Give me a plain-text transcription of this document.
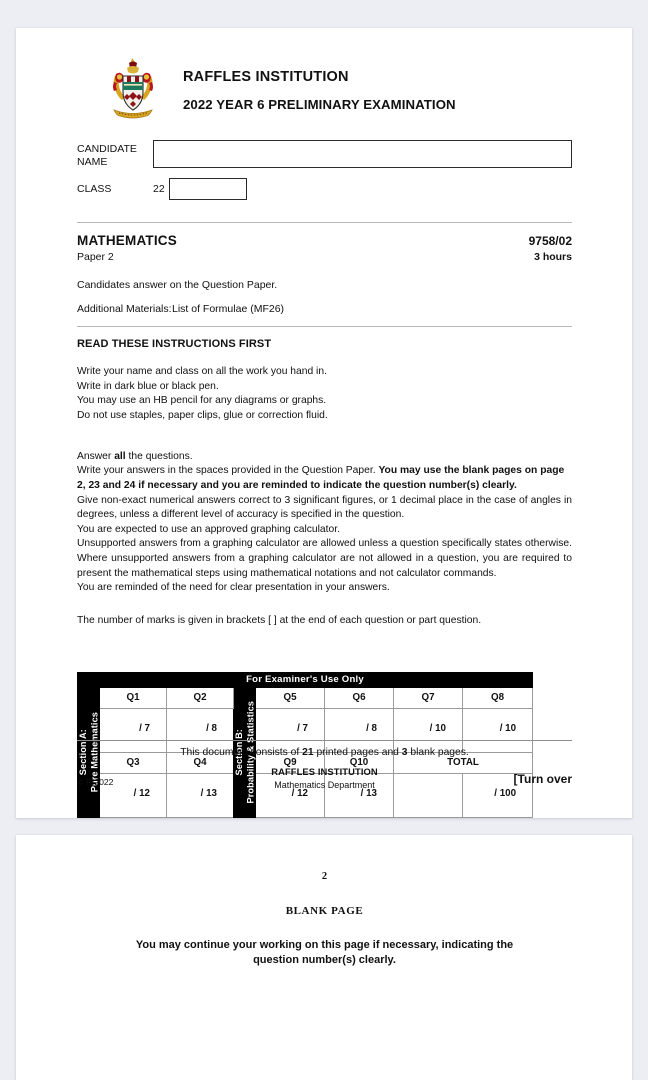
RAFFLES INSTITUTION
2022 YEAR 6 PRELIMINARY EXAMINATION
CANDIDATE
NAME
CLASS	22
MATHEMATICS	9758/02
Paper 2	3 hours
Candidates answer on the Question Paper.
Additional Materials: List of Formulae (MF26)
READ THESE INSTRUCTIONS FIRST
Write your name and class on all the work you hand in.
Write in dark blue or black pen.
You may use an HB pencil for any diagrams or graphs.
Do not use staples, paper clips, glue or correction fluid.
Answer all the questions.
Write your answers in the spaces provided in the Question Paper. You may use the blank pages on page 2, 23 and 24 if necessary and you are reminded to indicate the question number(s) clearly.
Give non-exact numerical answers correct to 3 significant figures, or 1 decimal place in the case of angles in degrees, unless a different level of accuracy is specified in the question.
You are expected to use an approved graphing calculator.
Unsupported answers from a graphing calculator are allowed unless a question specifically states otherwise. Where unsupported answers from a graphing calculator are not allowed in a question, you are required to present the mathematical steps using mathematical notations and not calculator commands.
You are reminded of the need for clear presentation in your answers.
The number of marks is given in brackets [ ] at the end of each question or part question.
For Examiner's Use Only							

Section A: Pure Mathematics	Q1	Q2	Section B: Probability & Statistics	Q5	Q6	Q7	Q8
	/ 7	/ 8		/ 7	/ 8	/ 10	/ 10
	Q3	Q4		Q9	Q10	TOTAL	
	/ 12	/ 13		/ 12	/ 13		/ 100
This document consists of 21 printed pages and 3 blank pages.
© RI2022
RAFFLES INSTITUTION
Mathematics Department	[Turn over
2
BLANK PAGE
You may continue your working on this page if necessary, indicating the question number(s) clearly.
